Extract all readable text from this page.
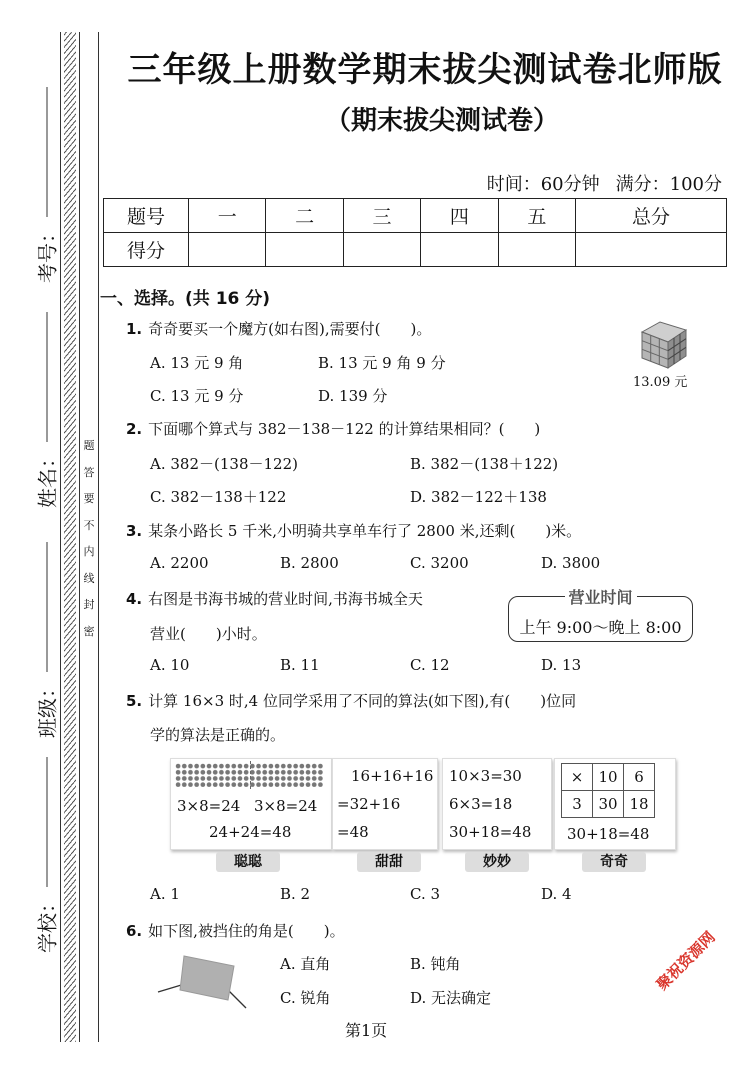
考号：
姓名：
班级：
学校：
题
答
要
不
内
线
封
密
三年级上册数学期末拔尖测试卷北师版
（期末拔尖测试卷）
时间：60分钟 满分：100分
题号	一	二	三	四	五	总分
得分						
一、选择。(共 16 分)
1. 奇奇要买一个魔方(如右图),需要付(　　)。
A. 13 元 9 角	B. 13 元 9 角 9 分
C. 13 元 9 分	D. 139 分
13.09 元
2. 下面哪个算式与 382－138－122 的计算结果相同？(　　)
A. 382－(138－122)	B. 382－(138＋122)
C. 382－138＋122	D. 382－122＋138
3. 某条小路长 5 千米,小明骑共享单车行了 2800 米,还剩(　　)米。
A. 2200	B. 2800	C. 3200	D. 3800
4. 右图是书海书城的营业时间,书海书城全天
营业(　　)小时。
营业时间
上午 9:00～晚上 8:00
A. 10	B. 11	C. 12	D. 13
5. 计算 16×3 时,4 位同学采用了不同的算法(如下图),有(　　)位同
学的算法是正确的。
3×8=24 3×8=24
24+24=48
聪聪
16+16+16
=32+16
=48
甜甜
10×3=30
6×3=18
30+18=48
妙妙
×	10	6
3	30	18
30+18=48
奇奇
A. 1	B. 2	C. 3	D. 4
6. 如下图,被挡住的角是(　　)。
A. 直角	B. 钝角
C. 锐角	D. 无法确定
第1页
聚祝资源网
